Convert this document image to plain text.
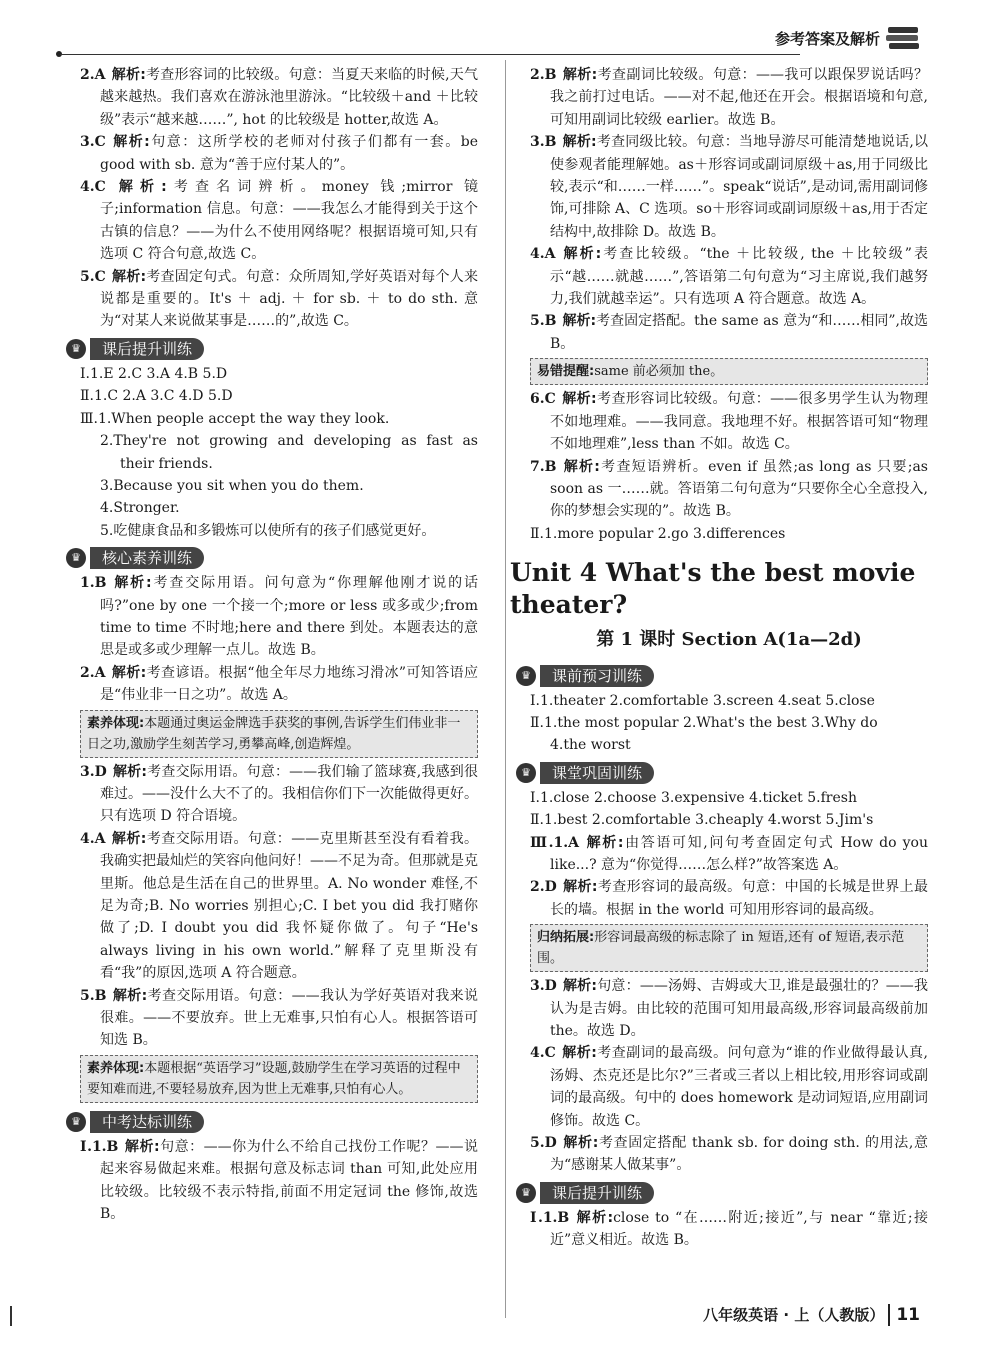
参考答案及解析

2.A 解析:考查形容词的比较级。句意：当夏天来临的时候,天气越来越热。我们喜欢在游泳池里游泳。“比较级＋and ＋比较级”表示“越来越……”, hot 的比较级是 hotter,故选 A。

3.C 解析:句意：这所学校的老师对付孩子们都有一套。be good with sb. 意为“善于应付某人的”。

4.C 解析:考查名词辨析。money 钱;mirror 镜子;information 信息。句意：——我怎么才能得到关于这个古镇的信息？——为什么不使用网络呢？根据语境可知,只有选项 C 符合句意,故选 C。

5.C 解析:考查固定句式。句意：众所周知,学好英语对每个人来说都是重要的。It's ＋ adj. ＋ for sb. ＋ to do sth. 意为“对某人来说做某事是……的”,故选 C。

♛	课后提升训练

Ⅰ.1.E 2.C 3.A 4.B 5.D

Ⅱ.1.C 2.A 3.C 4.D 5.D

Ⅲ.1.When people accept the way they look.

2.They're not growing and developing as fast as their friends.

3.Because you sit when you do them.

4.Stronger.

5.吃健康食品和多锻炼可以使所有的孩子们感觉更好。

♛	核心素养训练

1.B 解析:考查交际用语。问句意为“你理解他刚才说的话吗?”one by one 一个接一个;more or less 或多或少;from time to time 不时地;here and there 到处。本题表达的意思是或多或少理解一点儿。故选 B。

2.A 解析:考查谚语。根据“他全年尽力地练习滑冰”可知答语应是“伟业非一日之功”。故选 A。

素养体现:本题通过奥运金牌选手获奖的事例,告诉学生们伟业非一日之功,激励学生刻苦学习,勇攀高峰,创造辉煌。

3.D 解析:考查交际用语。句意：——我们输了篮球赛,我感到很难过。——没什么大不了的。我相信你们下一次能做得更好。只有选项 D 符合语境。

4.A 解析:考查交际用语。句意：——克里斯甚至没有看着我。我确实把最灿烂的笑容向他问好！——不足为奇。但那就是克里斯。他总是生活在自己的世界里。A. No wonder 难怪,不足为奇;B. No worries 别担心;C. I bet you did 我打赌你做了;D. I doubt you did 我怀疑你做了。句子“He's always living in his own world.”解释了克里斯没有看“我”的原因,选项 A 符合题意。

5.B 解析:考查交际用语。句意：——我认为学好英语对我来说很难。——不要放弃。世上无难事,只怕有心人。根据答语可知选 B。

素养体现:本题根据“英语学习”设题,鼓励学生在学习英语的过程中要知难而进,不要轻易放弃,因为世上无难事,只怕有心人。
♛	中考达标训练

Ⅰ.1.B 解析:句意：——你为什么不给自己找份工作呢？——说起来容易做起来难。根据句意及标志词 than 可知,此处应用比较级。比较级不表示特指,前面不用定冠词 the 修饰,故选 B。

2.B 解析:考查副词比较级。句意：——我可以跟保罗说话吗？我之前打过电话。——对不起,他还在开会。根据语境和句意,可知用副词比较级 earlier。故选 B。

3.B 解析:考查同级比较。句意：当地导游尽可能清楚地说话,以使参观者能理解她。as＋形容词或副词原级＋as,用于同级比较,表示“和……一样……”。speak“说话”,是动词,需用副词修饰,可排除 A、C 选项。so＋形容词或副词原级＋as,用于否定结构中,故排除 D。故选 B。

4.A 解析:考查比较级。“the ＋比较级, the ＋比较级”表示“越……就越……”,答语第二句句意为“习主席说,我们越努力,我们就越幸运”。只有选项 A 符合题意。故选 A。

5.B 解析:考查固定搭配。the same as 意为“和……相同”,故选 B。

易错提醒:same 前必须加 the。

6.C 解析:考查形容词比较级。句意：——很多男学生认为物理不如地理难。——我同意。我地理不好。根据答语可知“物理不如地理难”,less than 不如。故选 C。

7.B 解析:考查短语辨析。even if 虽然;as long as 只要;as soon as 一……就。答语第二句句意为“只要你全心全意投入,你的梦想会实现的”。故选 B。

Ⅱ.1.more popular 2.go 3.differences

Unit 4 What's the best movie theater?
第 1 课时 Section A(1a—2d)
♛	课前预习训练

Ⅰ.1.theater 2.comfortable 3.screen 4.seat 5.close

Ⅱ.1.the most popular 2.What's the best 3.Why do

4.the worst

♛	课堂巩固训练

Ⅰ.1.close 2.choose 3.expensive 4.ticket 5.fresh

Ⅱ.1.best 2.comfortable 3.cheaply 4.worst 5.Jim's

Ⅲ.1.A 解析:由答语可知,问句考查固定句式 How do you like...? 意为“你觉得……怎么样?”故答案选 A。

2.D 解析:考查形容词的最高级。句意：中国的长城是世界上最长的墙。根据 in the world 可知用形容词的最高级。

归纳拓展:形容词最高级的标志除了 in 短语,还有 of 短语,表示范围。

3.D 解析:句意：——汤姆、吉姆或大卫,谁是最强壮的？——我认为是吉姆。由比较的范围可知用最高级,形容词最高级前加 the。故选 D。

4.C 解析:考查副词的最高级。问句意为“谁的作业做得最认真,汤姆、杰克还是比尔?”三者或三者以上相比较,用形容词或副词的最高级。句中的 does homework 是动词短语,应用副词修饰。故选 C。

5.D 解析:考查固定搭配 thank sb. for doing sth. 的用法,意为“感谢某人做某事”。

♛	课后提升训练

Ⅰ.1.B 解析:close to “在……附近;接近”,与 near “靠近;接近”意义相近。故选 B。

八年级英语 · 上（人教版） 11
